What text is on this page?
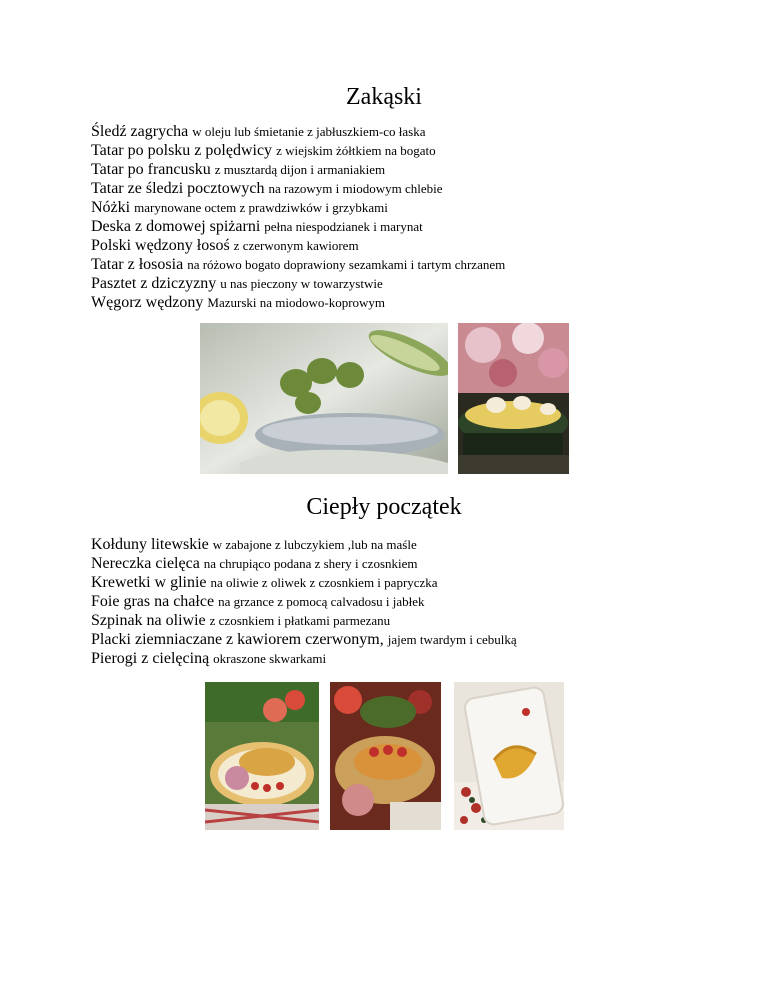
Zakąski
Śledź zagrycha w oleju lub śmietanie z jabłuszkiem-co łaska
Tatar po polsku z polędwicy z wiejskim żółtkiem na bogato
Tatar po francusku z musztardą dijon i armaniakiem
Tatar ze śledzi pocztowych na razowym i miodowym chlebie
Nóżki marynowane octem z prawdziwków i grzybkami
Deska z domowej spiżarni pełna niespodzianek i marynat
Polski wędzony łosoś z czerwonym kawiorem
Tatar z łososia na różowo bogato doprawiony sezamkami i tartym chrzanem
Pasztet z dziczyzny u nas pieczony w towarzystwie
Węgorz wędzony Mazurski na miodowo-koprowym
Ciepły początek
Kołduny litewskie w zabajone z lubczykiem ,lub na maśle
Nereczka cielęca na chrupiąco podana z shery i czosnkiem
Krewetki w glinie na oliwie z oliwek z czosnkiem i papryczka
Foie gras na chałce na grzance z pomocą calvadosu i jabłek
Szpinak na oliwie z czosnkiem i płatkami parmezanu
Placki ziemniaczane z kawiorem czerwonym, jajem twardym i cebulką
Pierogi z cielęciną okraszone skwarkami
